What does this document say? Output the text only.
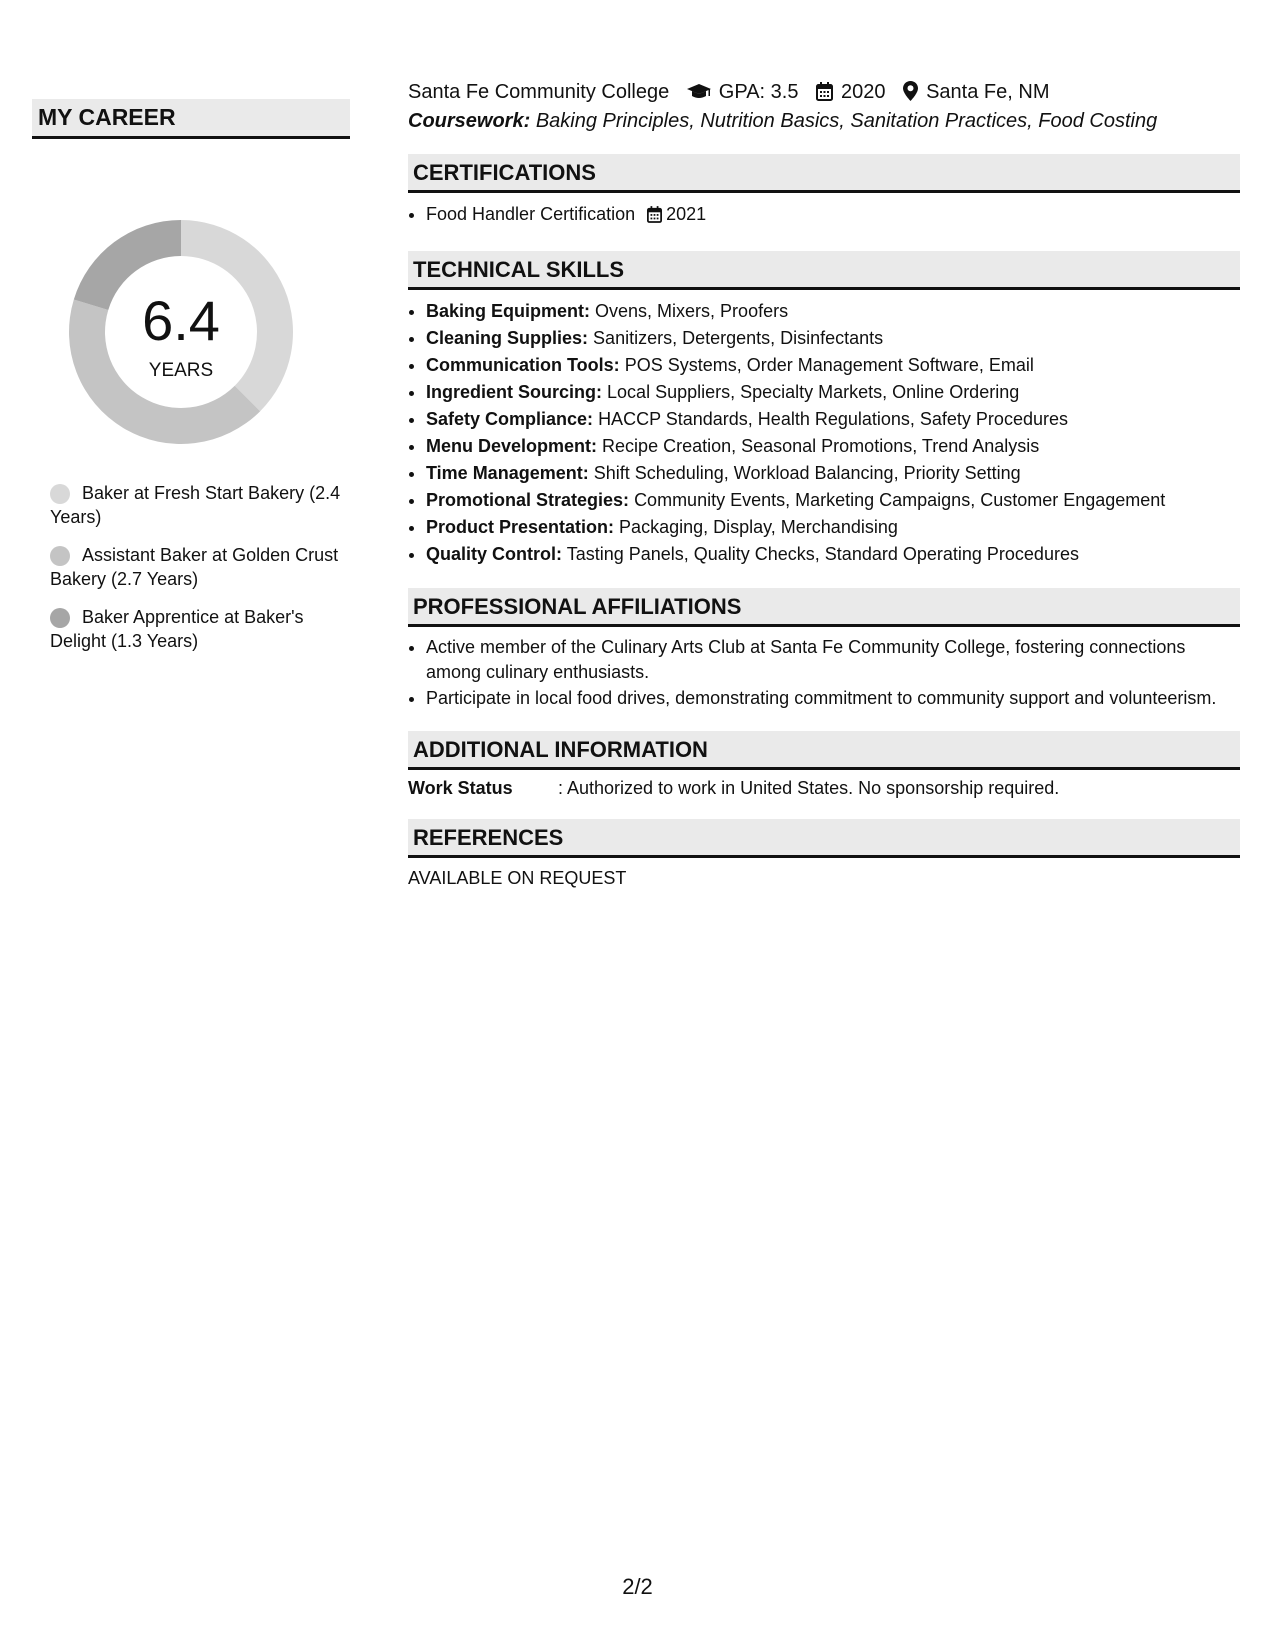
MY CAREER
6.4
YEARS
Baker at Fresh Start Bakery (2.4 Years)
Assistant Baker at Golden Crust Bakery (2.7 Years)
Baker Apprentice at Baker's Delight (1.3 Years)
Santa Fe Community College GPA: 3.5 2020 Santa Fe, NM
Coursework: Baking Principles, Nutrition Basics, Sanitation Practices, Food Costing
CERTIFICATIONS
• Food Handler Certification 2021
TECHNICAL SKILLS
• Baking Equipment: Ovens, Mixers, Proofers
• Cleaning Supplies: Sanitizers, Detergents, Disinfectants
• Communication Tools: POS Systems, Order Management Software, Email
• Ingredient Sourcing: Local Suppliers, Specialty Markets, Online Ordering
• Safety Compliance: HACCP Standards, Health Regulations, Safety Procedures
• Menu Development: Recipe Creation, Seasonal Promotions, Trend Analysis
• Time Management: Shift Scheduling, Workload Balancing, Priority Setting
• Promotional Strategies: Community Events, Marketing Campaigns, Customer Engagement
• Product Presentation: Packaging, Display, Merchandising
• Quality Control: Tasting Panels, Quality Checks, Standard Operating Procedures
PROFESSIONAL AFFILIATIONS
• Active member of the Culinary Arts Club at Santa Fe Community College, fostering connections among culinary enthusiasts.
• Participate in local food drives, demonstrating commitment to community support and volunteerism.
ADDITIONAL INFORMATION
Work Status	: Authorized to work in United States. No sponsorship required.
REFERENCES
AVAILABLE ON REQUEST
2/2
